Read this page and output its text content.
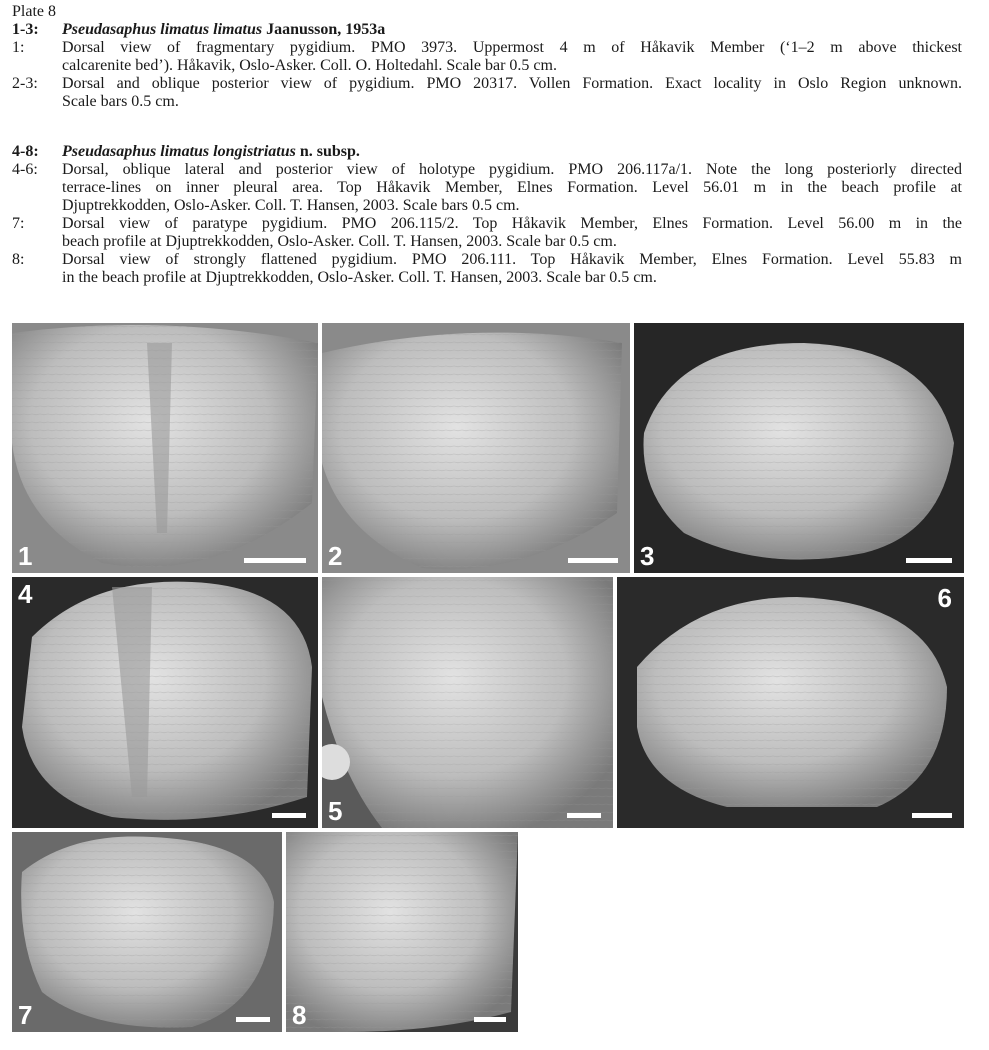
Plate 8
1-3: Pseudasaphus limatus limatus Jaanusson, 1953a
1: Dorsal view of fragmentary pygidium. PMO 3973. Uppermost 4 m of Håkavik Member (‘1–2 m above thickest
calcarenite bed’). Håkavik, Oslo-Asker. Coll. O. Holtedahl. Scale bar 0.5 cm.
2-3: Dorsal and oblique posterior view of pygidium. PMO 20317. Vollen Formation. Exact locality in Oslo Region unknown.
Scale bars 0.5 cm.
4-8: Pseudasaphus limatus longistriatus n. subsp.
4-6: Dorsal, oblique lateral and posterior view of holotype pygidium. PMO 206.117a/1. Note the long posteriorly directed
terrace-lines on inner pleural area. Top Håkavik Member, Elnes Formation. Level 56.01 m in the beach profile at
Djuptrekkodden, Oslo-Asker. Coll. T. Hansen, 2003. Scale bars 0.5 cm.
7: Dorsal view of paratype pygidium. PMO 206.115/2. Top Håkavik Member, Elnes Formation. Level 56.00 m in the
beach profile at Djuptrekkodden, Oslo-Asker. Coll. T. Hansen, 2003. Scale bar 0.5 cm.
8: Dorsal view of strongly flattened pygidium. PMO 206.111. Top Håkavik Member, Elnes Formation. Level 55.83 m
in the beach profile at Djuptrekkodden, Oslo-Asker. Coll. T. Hansen, 2003. Scale bar 0.5 cm.
1	2	3
4
5
6
7	8
